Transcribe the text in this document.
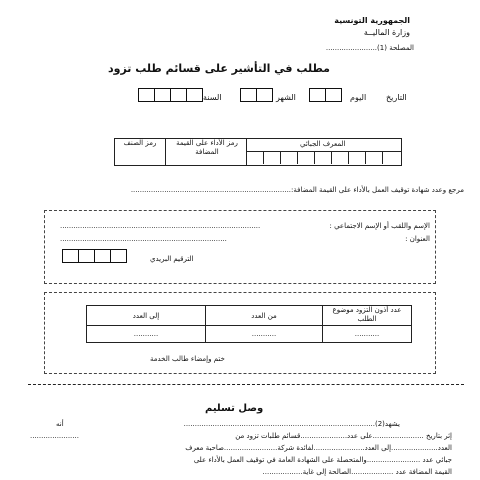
الجمهورية التونسية
وزارة الماليــة
المصلحة (1).......................
مطلب في التأشير على قسائم طلب تزود
التاريخ
اليوم
الشهر
السنة
المعرف الجبائي
رمز الأداء على القيمة المضافة
رمز الصنف
مرجع وعدد شهادة توقيف العمل بالأداء على القيمة المضافة:........................................................................
الإسم واللقب أو الإسم الاجتماعي :
..........................................................................................
العنوان :
...........................................................................
الترقيم البريدي
عدد أذون التزود موضوع الطلب
من العدد
إلى العدد
...........
...........
...........
ختم وإمضاء طالب الخدمة
وصل تسليم
يشهد(2)......................................................................................
أنه
إثر بتاريخ .......................على عدد.....................قسائم طلبات تزود من
......................
العدد.....................إلى العدد.......................لفائدة شركة........................صاحبة معرف
جبائي عدد ........................والمتحصلة على الشهادة العامة في توقيف العمل بالأداء على
القيمة المضافة عدد ...................الصالحة إلى غاية..................
